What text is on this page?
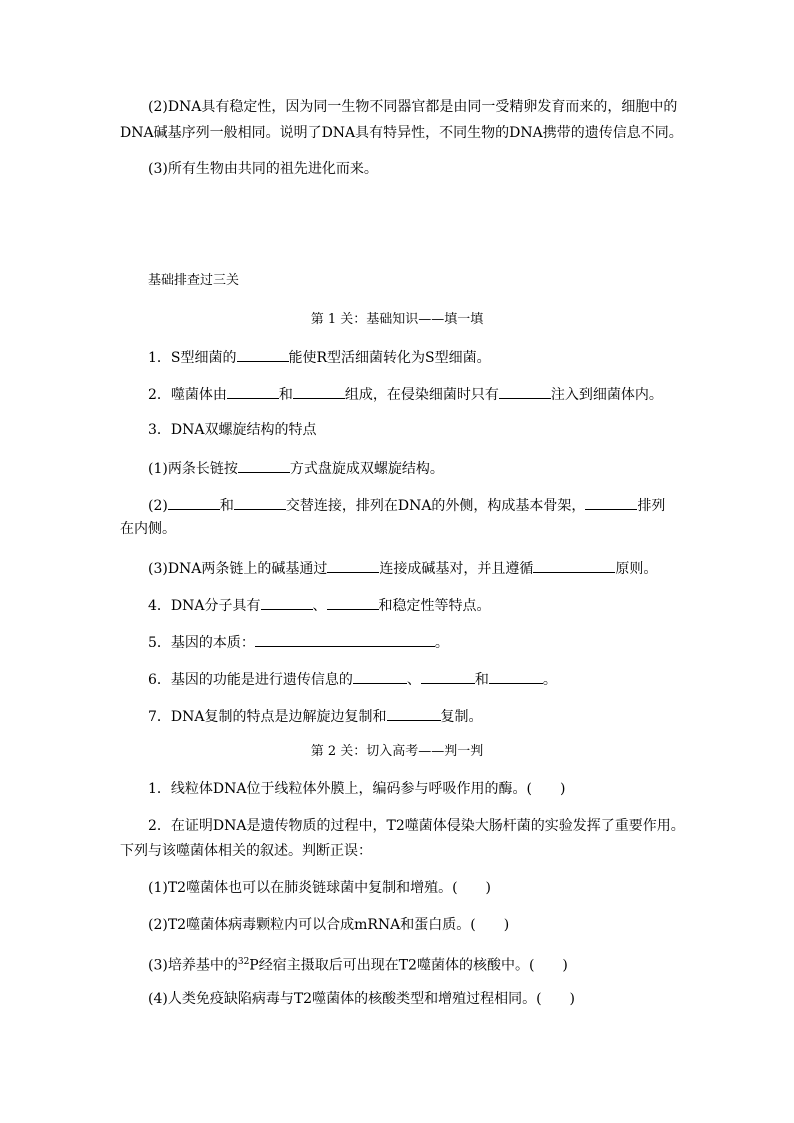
(2)DNA具有稳定性，因为同一生物不同器官都是由同一受精卵发育而来的，细胞中的
DNA碱基序列一般相同。说明了DNA具有特异性，不同生物的DNA携带的遗传信息不同。
(3)所有生物由共同的祖先进化而来。
基础排查过三关
第 1 关：基础知识——填一填
1．S型细菌的	能使R型活细菌转化为S型细菌。
2．噬菌体由	和	组成，在侵染细菌时只有	注入到细菌体内。
3．DNA双螺旋结构的特点
(1)两条长链按	方式盘旋成双螺旋结构。
(2)	和	交替连接，排列在DNA的外侧，构成基本骨架，	排列
在内侧。
(3)DNA两条链上的碱基通过	连接成碱基对，并且遵循	原则。
4．DNA分子具有	、	和稳定性等特点。
5．基因的本质：	。
6．基因的功能是进行遗传信息的	、	和	。
7．DNA复制的特点是边解旋边复制和	复制。
第 2 关：切入高考——判一判
1．线粒体DNA位于线粒体外膜上，编码参与呼吸作用的酶。(　　)
2．在证明DNA是遗传物质的过程中，T2噬菌体侵染大肠杆菌的实验发挥了重要作用。
下列与该噬菌体相关的叙述。判断正误：
(1)T2噬菌体也可以在肺炎链球菌中复制和增殖。(　　)
(2)T2噬菌体病毒颗粒内可以合成mRNA和蛋白质。(　　)
(3)培养基中的$^{32}$P经宿主摄取后可出现在T2噬菌体的核酸中。(　　)
(4)人类免疫缺陷病毒与T2噬菌体的核酸类型和增殖过程相同。(　　)
